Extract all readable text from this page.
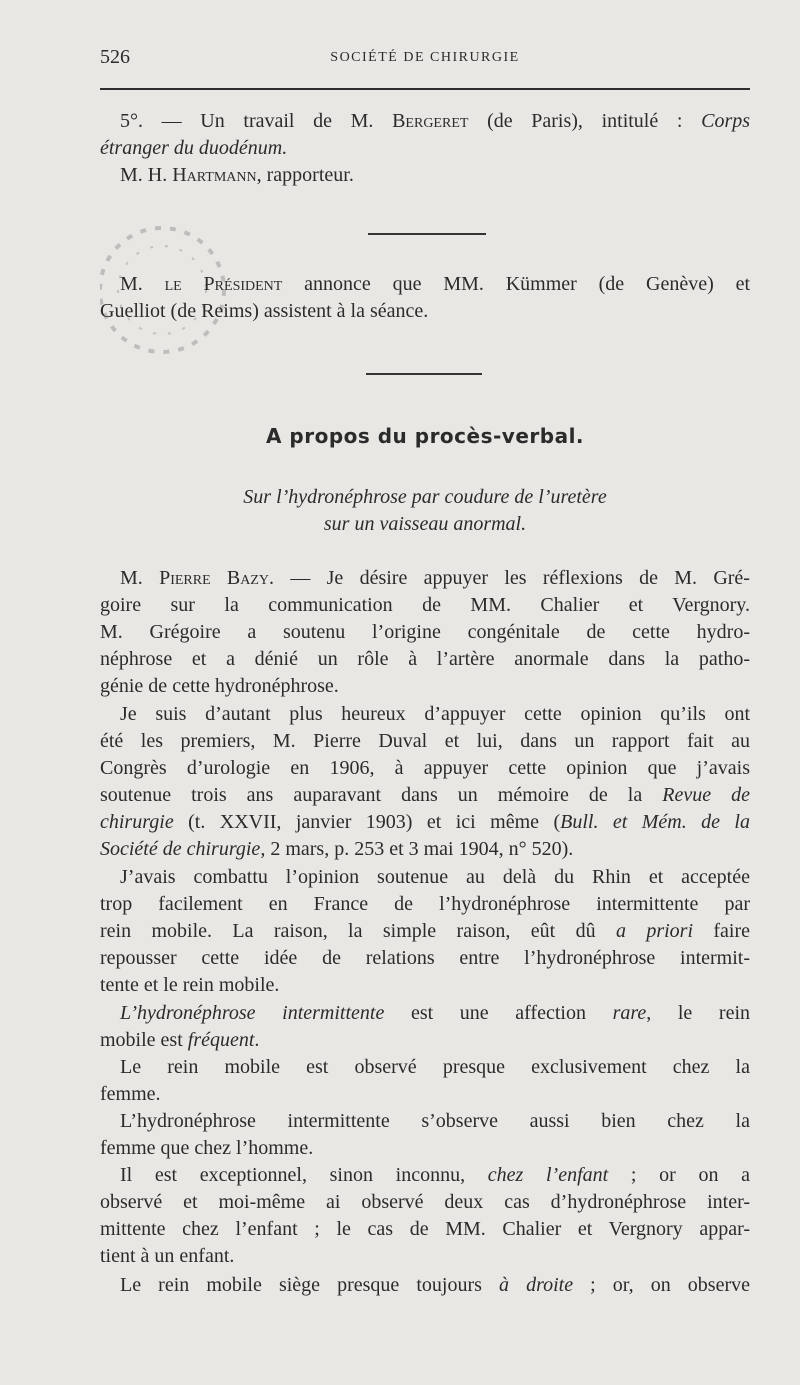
526	SOCIÉTÉ DE CHIRURGIE
5°. — Un travail de M. Bergeret (de Paris), intitulé : Corps
étranger du duodénum.
M. H. Hartmann, rapporteur.
M. le Président annonce que MM. Kümmer (de Genève) et
Guelliot (de Reims) assistent à la séance.
A propos du procès-verbal.
Sur l’hydronéphrose par coudure de l’uretère
sur un vaisseau anormal.
M. Pierre Bazy. — Je désire appuyer les réflexions de M. Gré-
goire sur la communication de MM. Chalier et Vergnory.
M. Grégoire a soutenu l’origine congénitale de cette hydro-
néphrose et a dénié un rôle à l’artère anormale dans la patho-
génie de cette hydronéphrose.
Je suis d’autant plus heureux d’appuyer cette opinion qu’ils ont
été les premiers, M. Pierre Duval et lui, dans un rapport fait au
Congrès d’urologie en 1906, à appuyer cette opinion que j’avais
soutenue trois ans auparavant dans un mémoire de la Revue de
chirurgie (t. XXVII, janvier 1903) et ici même (Bull. et Mém. de la
Société de chirurgie, 2 mars, p. 253 et 3 mai 1904, n° 520).
J’avais combattu l’opinion soutenue au delà du Rhin et acceptée
trop facilement en France de l’hydronéphrose intermittente par
rein mobile. La raison, la simple raison, eût dû a priori faire
repousser cette idée de relations entre l’hydronéphrose intermit-
tente et le rein mobile.
L’hydronéphrose intermittente est une affection rare, le rein
mobile est fréquent.
Le rein mobile est observé presque exclusivement chez la
femme.
L’hydronéphrose intermittente s’observe aussi bien chez la
femme que chez l’homme.
Il est exceptionnel, sinon inconnu, chez l’enfant ; or on a
observé et moi-même ai observé deux cas d’hydronéphrose inter-
mittente chez l’enfant ; le cas de MM. Chalier et Vergnory appar-
tient à un enfant.
Le rein mobile siège presque toujours à droite ; or, on observe
